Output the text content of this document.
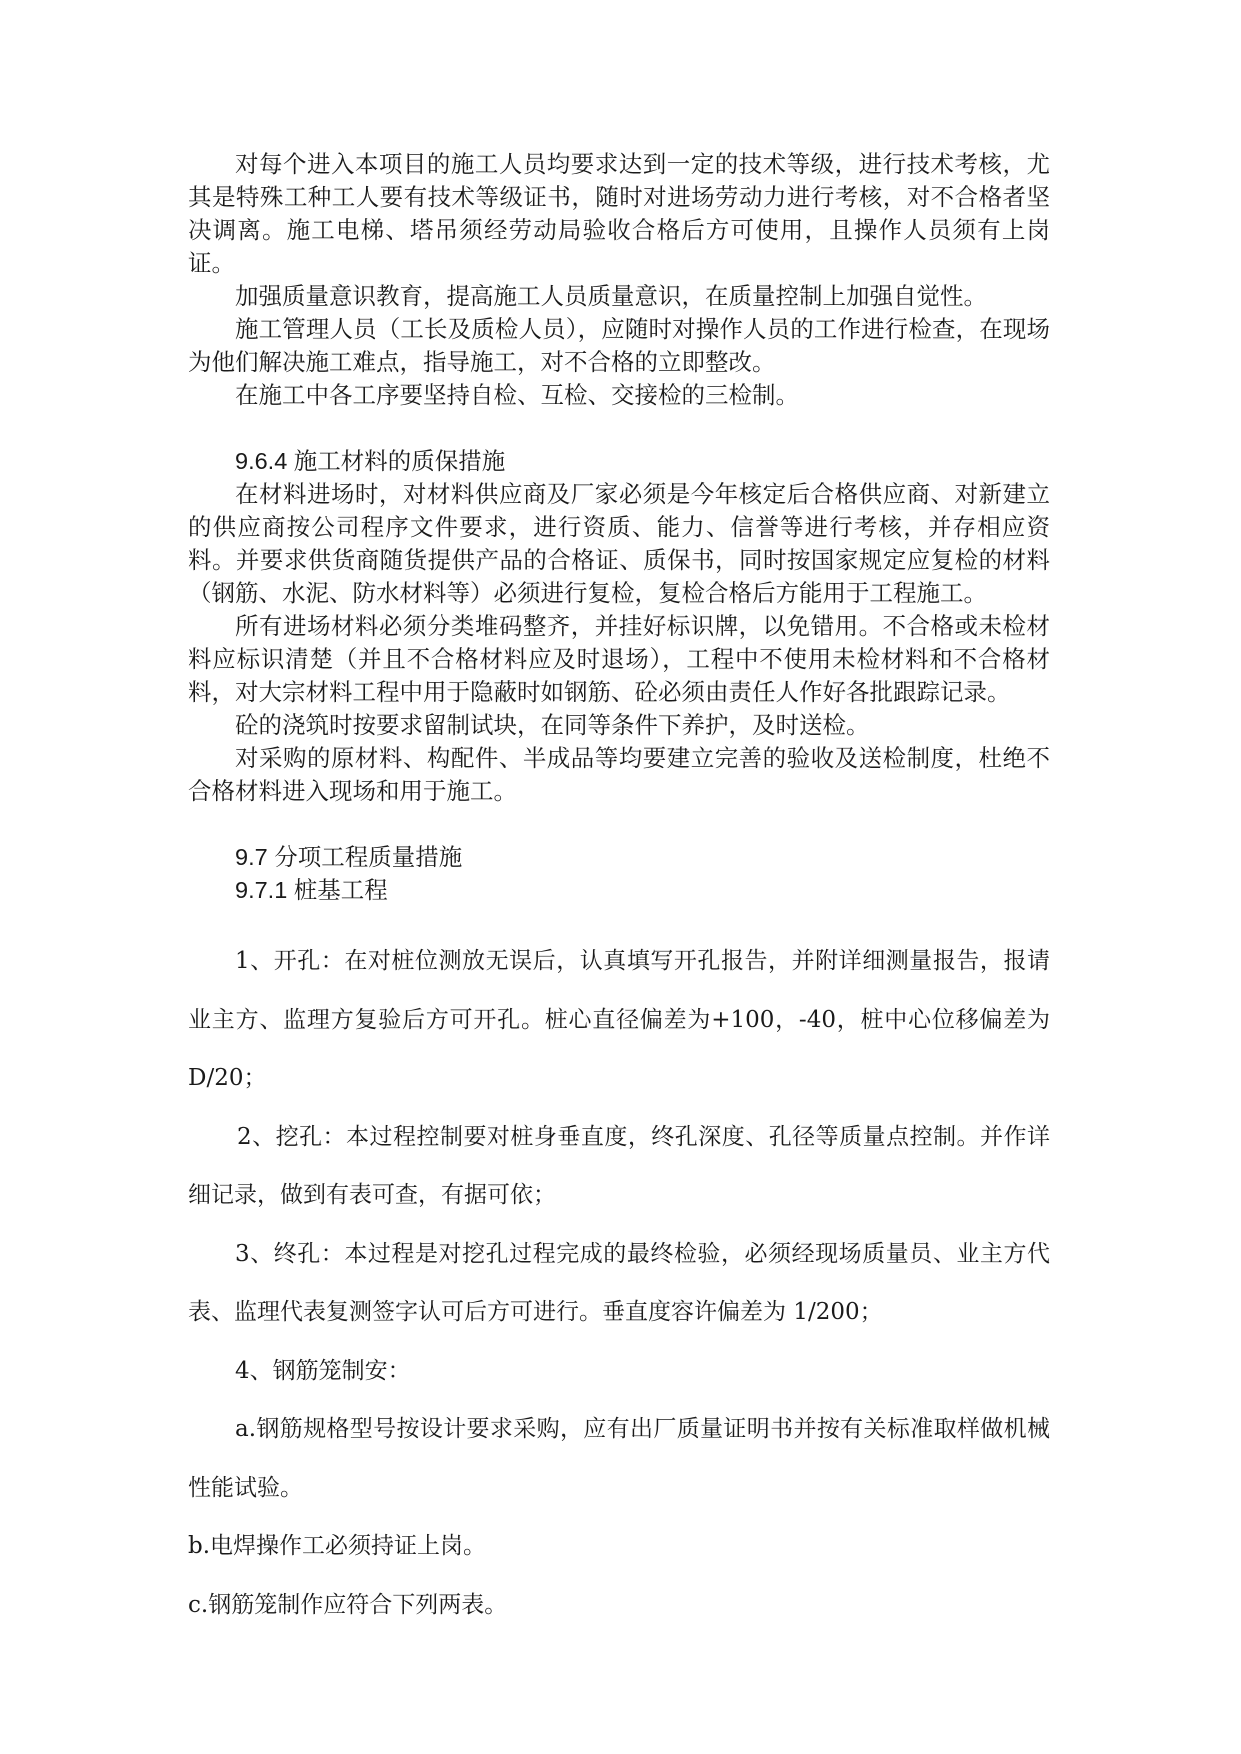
对每个进入本项目的施工人员均要求达到一定的技术等级，进行技术考核，尤其是特殊工种工人要有技术等级证书，随时对进场劳动力进行考核，对不合格者坚决调离。施工电梯、塔吊须经劳动局验收合格后方可使用，且操作人员须有上岗证。

加强质量意识教育，提高施工人员质量意识，在质量控制上加强自觉性。

施工管理人员（工长及质检人员），应随时对操作人员的工作进行检查，在现场为他们解决施工难点，指导施工，对不合格的立即整改。

在施工中各工序要坚持自检、互检、交接检的三检制。

9.6.4 施工材料的质保措施

在材料进场时，对材料供应商及厂家必须是今年核定后合格供应商、对新建立的供应商按公司程序文件要求，进行资质、能力、信誉等进行考核，并存相应资料。并要求供货商随货提供产品的合格证、质保书，同时按国家规定应复检的材料（钢筋、水泥、防水材料等）必须进行复检，复检合格后方能用于工程施工。

所有进场材料必须分类堆码整齐，并挂好标识牌，以免错用。不合格或未检材料应标识清楚（并且不合格材料应及时退场），工程中不使用未检材料和不合格材料，对大宗材料工程中用于隐蔽时如钢筋、砼必须由责任人作好各批跟踪记录。

砼的浇筑时按要求留制试块，在同等条件下养护，及时送检。

对采购的原材料、构配件、半成品等均要建立完善的验收及送检制度，杜绝不合格材料进入现场和用于施工。

9.7 分项工程质量措施
9.7.1 桩基工程

1、开孔：在对桩位测放无误后，认真填写开孔报告，并附详细测量报告，报请业主方、监理方复验后方可开孔。桩心直径偏差为+100，-40，桩中心位移偏差为 D/20；

2、挖孔：本过程控制要对桩身垂直度，终孔深度、孔径等质量点控制。并作详细记录，做到有表可查，有据可依；

3、终孔：本过程是对挖孔过程完成的最终检验，必须经现场质量员、业主方代表、监理代表复测签字认可后方可进行。垂直度容许偏差为 1/200；

4、钢筋笼制安：

a.钢筋规格型号按设计要求采购，应有出厂质量证明书并按有关标准取样做机械性能试验。

b.电焊操作工必须持证上岗。

c.钢筋笼制作应符合下列两表。
